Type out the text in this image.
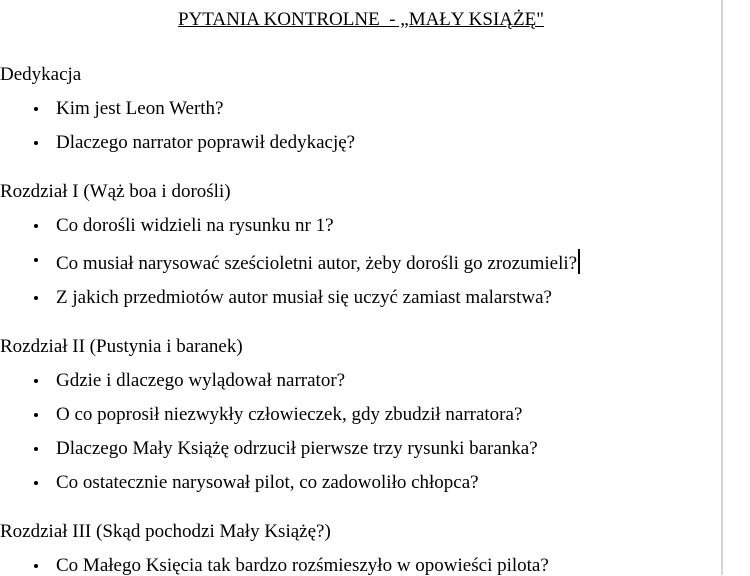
PYTANIA KONTROLNE  - „MAŁY KSIĄŻĘ"
Dedykacja
Kim jest Leon Werth?
Dlaczego narrator poprawił dedykację?
Rozdział I (Wąż boa i dorośli)
Co dorośli widzieli na rysunku nr 1?
Co musiał narysować sześcioletni autor, żeby dorośli go zrozumieli?
Z jakich przedmiotów autor musiał się uczyć zamiast malarstwa?
Rozdział II (Pustynia i baranek)
Gdzie i dlaczego wylądował narrator?
O co poprosił niezwykły człowieczek, gdy zbudził narratora?
Dlaczego Mały Książę odrzucił pierwsze trzy rysunki baranka?
Co ostatecznie narysował pilot, co zadowoliło chłopca?
Rozdział III (Skąd pochodzi Mały Książę?)
Co Małego Księcia tak bardzo rozśmieszyło w opowieści pilota?
